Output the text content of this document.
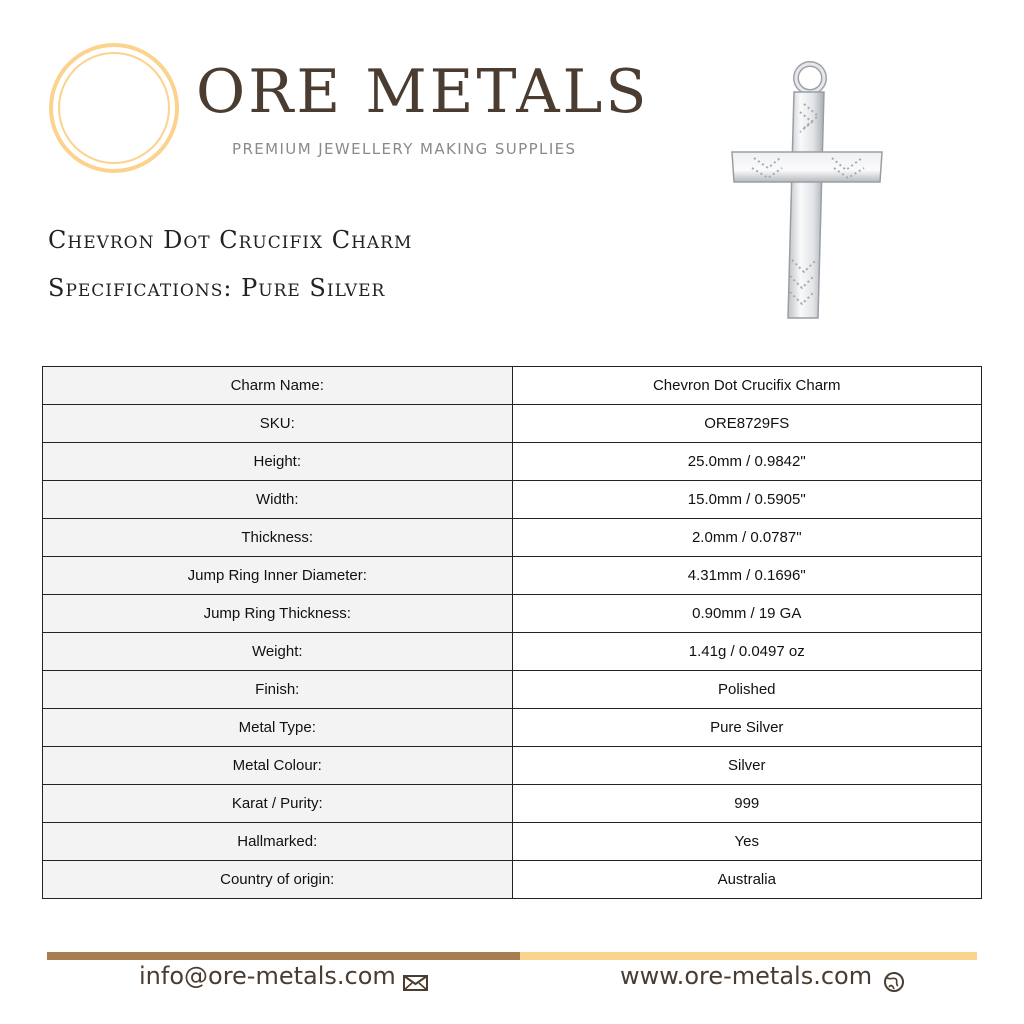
ORE METALS

PREMIUM JEWELLERY MAKING SUPPLIES

Chevron Dot Crucifix Charm
Specifications: Pure Silver
Charm Name:	Chevron Dot Crucifix Charm
SKU:	ORE8729FS
Height:	25.0mm / 0.9842"
Width:	15.0mm / 0.5905"
Thickness:	2.0mm / 0.0787"
Jump Ring Inner Diameter:	4.31mm / 0.1696"
Jump Ring Thickness:	0.90mm / 19 GA
Weight:	1.41g / 0.0497 oz
Finish:	Polished
Metal Type:	Pure Silver
Metal Colour:	Silver
Karat / Purity:	999
Hallmarked:	Yes
Country of origin:	Australia
info@ore-metals.com	www.ore-metals.com
